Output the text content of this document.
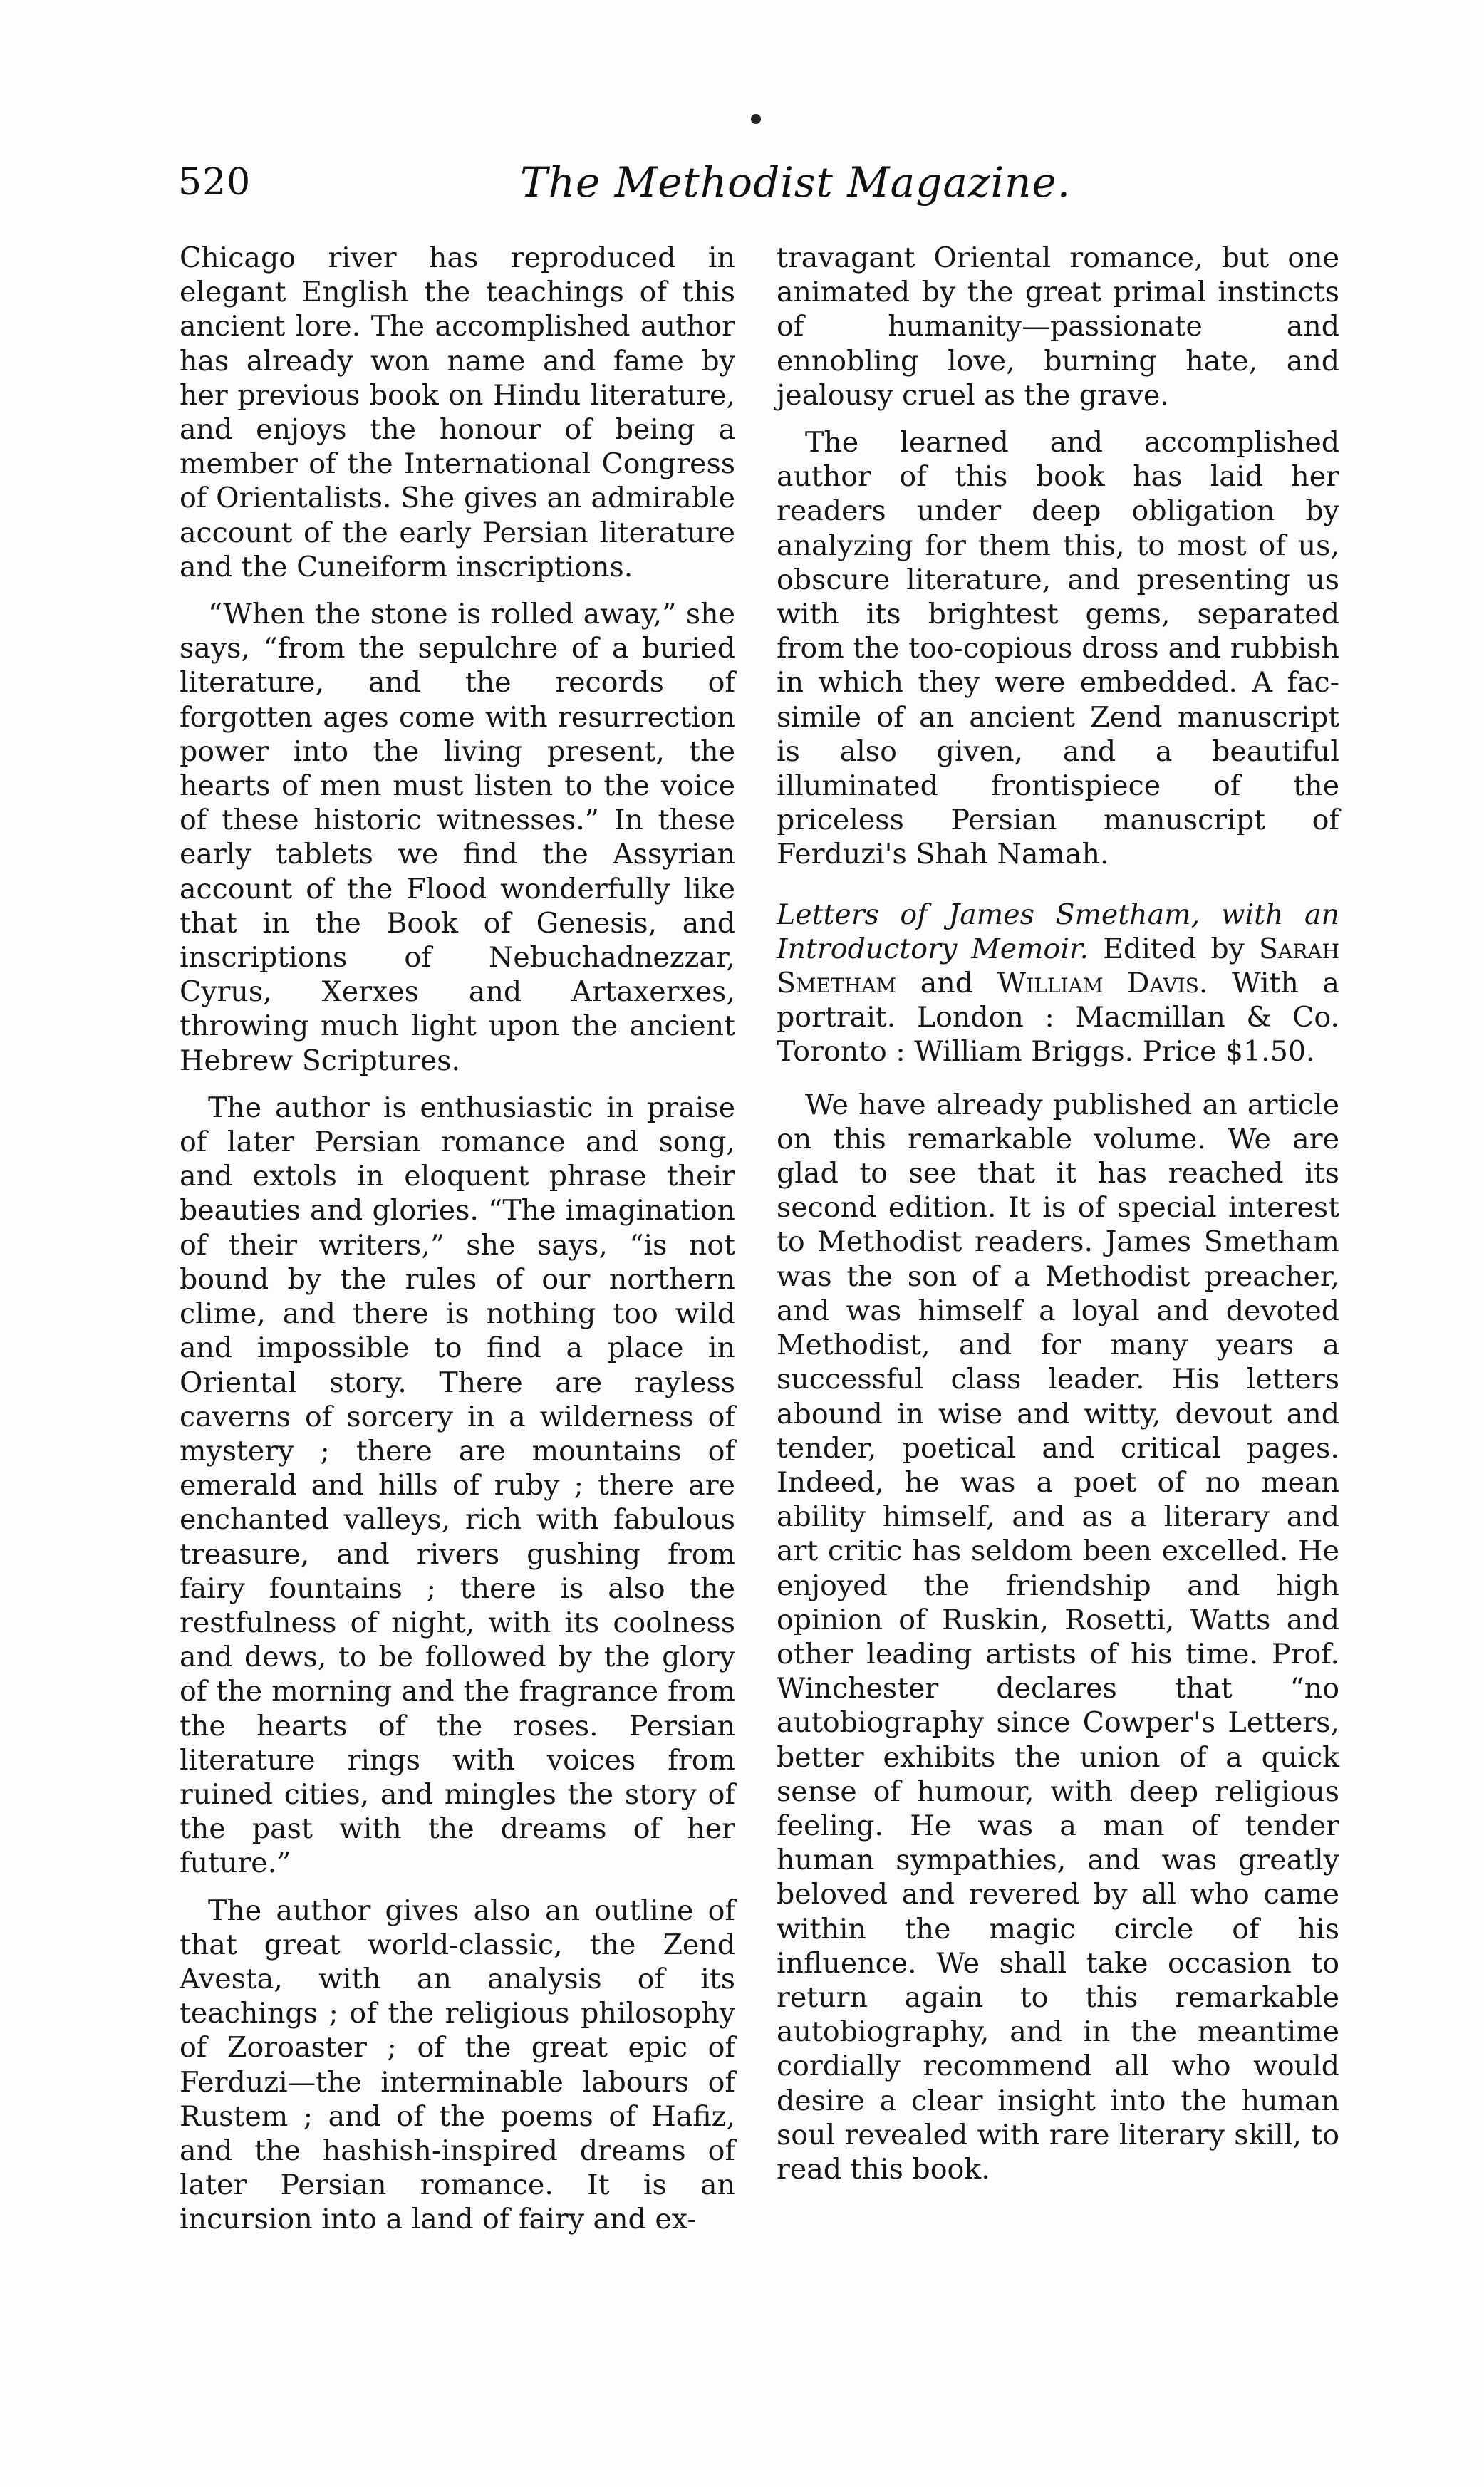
520	The Methodist Magazine.

Chicago river has reproduced in elegant English the teachings of this ancient lore. The accomplished author has already won name and fame by her previous book on Hindu literature, and enjoys the honour of being a member of the International Congress of Orientalists. She gives an admirable account of the early Persian literature and the Cuneiform inscriptions.

“When the stone is rolled away,” she says, “from the sepulchre of a buried literature, and the records of forgotten ages come with resurrection power into the living present, the hearts of men must listen to the voice of these historic witnesses.” In these early tablets we find the Assyrian account of the Flood wonderfully like that in the Book of Genesis, and inscriptions of Nebuchadnezzar, Cyrus, Xerxes and Artaxerxes, throwing much light upon the ancient Hebrew Scriptures.

The author is enthusiastic in praise of later Persian romance and song, and extols in eloquent phrase their beauties and glories. “The imagination of their writers,” she says, “is not bound by the rules of our northern clime, and there is nothing too wild and impossible to find a place in Oriental story. There are rayless caverns of sorcery in a wilderness of mystery ; there are mountains of emerald and hills of ruby ; there are enchanted valleys, rich with fabulous treasure, and rivers gushing from fairy fountains ; there is also the restfulness of night, with its coolness and dews, to be followed by the glory of the morning and the fragrance from the hearts of the roses. Persian literature rings with voices from ruined cities, and mingles the story of the past with the dreams of her future.”

The author gives also an outline of that great world-classic, the Zend Avesta, with an analysis of its teachings ; of the religious philosophy of Zoroaster ; of the great epic of Ferduzi—the interminable labours of Rustem ; and of the poems of Hafiz, and the hashish-inspired dreams of later Persian romance. It is an incursion into a land of fairy and ex-

travagant Oriental romance, but one animated by the great primal instincts of humanity—passionate and ennobling love, burning hate, and jealousy cruel as the grave.

The learned and accomplished author of this book has laid her readers under deep obligation by analyzing for them this, to most of us, obscure literature, and presenting us with its brightest gems, separated from the too-copious dross and rubbish in which they were embedded. A fac-simile of an ancient Zend manuscript is also given, and a beautiful illuminated frontispiece of the priceless Persian manuscript of Ferduzi's Shah Namah.

Letters of James Smetham, with an Introductory Memoir. Edited by Sarah Smetham and William Davis. With a portrait. London : Macmillan & Co. Toronto : William Briggs. Price $1.50.

We have already published an article on this remarkable volume. We are glad to see that it has reached its second edition. It is of special interest to Methodist readers. James Smetham was the son of a Methodist preacher, and was himself a loyal and devoted Methodist, and for many years a successful class leader. His letters abound in wise and witty, devout and tender, poetical and critical pages. Indeed, he was a poet of no mean ability himself, and as a literary and art critic has seldom been excelled. He enjoyed the friendship and high opinion of Ruskin, Rosetti, Watts and other leading artists of his time. Prof. Winchester declares that “no autobiography since Cowper's Letters, better exhibits the union of a quick sense of humour, with deep religious feeling. He was a man of tender human sympathies, and was greatly beloved and revered by all who came within the magic circle of his influence. We shall take occasion to return again to this remarkable autobiography, and in the meantime cordially recommend all who would desire a clear insight into the human soul revealed with rare literary skill, to read this book.
